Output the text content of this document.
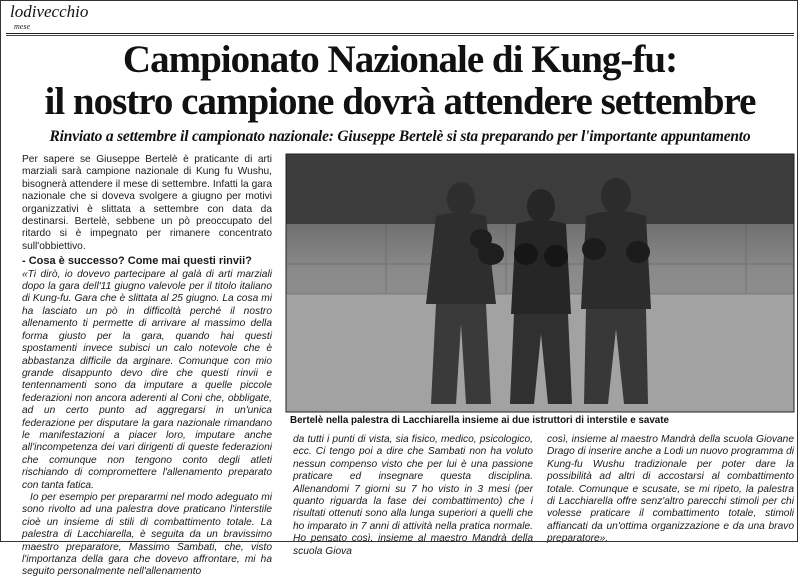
lodivecchio
mese
Campionato Nazionale di Kung-fu:
il nostro campione dovrà attendere settembre
Rinviato a settembre il campionato nazionale: Giuseppe Bertelè si sta preparando per l'importante appuntamento

Per sapere se Giuseppe Bertelè è praticante di arti marziali sarà campione nazionale di Kung fu Wushu, bisognerà attendere il mese di settembre. Infatti la gara nazionale che si doveva svolgere a giugno per motivi organizzativi è slittata a settembre con data da destinarsi. Bertelè, sebbene un pò preoccupato del ritardo si è impegnato per rimanere concentrato sull'obbiettivo.

- Cosa è successo? Come mai questi rinvii?

«Ti dirò, io dovevo partecipare al galà di arti marziali dopo la gara dell'11 giugno valevole per il titolo italiano di Kung-fu. Gara che è slittata al 25 giugno. La cosa mi ha lasciato un pò in difficoltà perché il nostro allenamento ti permette di arrivare al massimo della forma giusto per la gara, quando hai questi spostamenti invece subisci un calo notevole che è abbastanza difficile da arginare. Comunque con mio grande disappunto devo dire che questi rinvii e tentennamenti sono da imputare a quelle piccole federazioni non ancora aderenti al Coni che, obbligate, ad un certo punto ad aggregarsi in un'unica federazione per disputare la gara nazionale rimandano le manifestazioni a piacer loro, imputare anche all'incompetenza dei vari dirigenti di queste federazioni che comunque non tengono conto degli atleti rischiando di compromettere l'allenamento preparato con tanta fatica.

Io per esempio per prepararmi nel modo adeguato mi sono rivolto ad una palestra dove praticano l'interstile cioè un insieme di stili di combattimento totale. La palestra di Lacchiarella, è seguita da un bravissimo maestro preparatore, Massimo Sambati, che, visto l'importanza della gara che dovevo affrontare, mi ha seguito personalmente nell'allenamento

Bertelè nella palestra di Lacchiarella insieme ai due istruttori di interstile e savate
da tutti i punti di vista, sia fisico, medico, psicologico, ecc. Ci tengo poi a dire che Sambati non ha voluto nessun compenso visto che per lui è una passione praticare ed insegnare questa disciplina. Allenandomi 7 giorni su 7 ho visto in 3 mesi (per quanto riguarda la fase dei combattimento) che i risultati ottenuti sono alla lunga superiori a quelli che ho imparato in 7 anni di attività nella pratica normale. Ho pensato così, insieme al maestro Mandrà della scuola Giova
così, insieme al maestro Mandrà della scuola Giovane Drago di inserire anche a Lodi un nuovo programma di Kung-fu Wushu tradizionale per poter dare la possibilità ad altri di accostarsi al combattimento totale. Comunque e scusate, se mi ripeto, la palestra di Lacchiarella offre senz'altro parecchi stimoli per chi volesse praticare il combattimento totale, stimoli affiancati da un'ottima organizzazione e da una bravo preparatore».
